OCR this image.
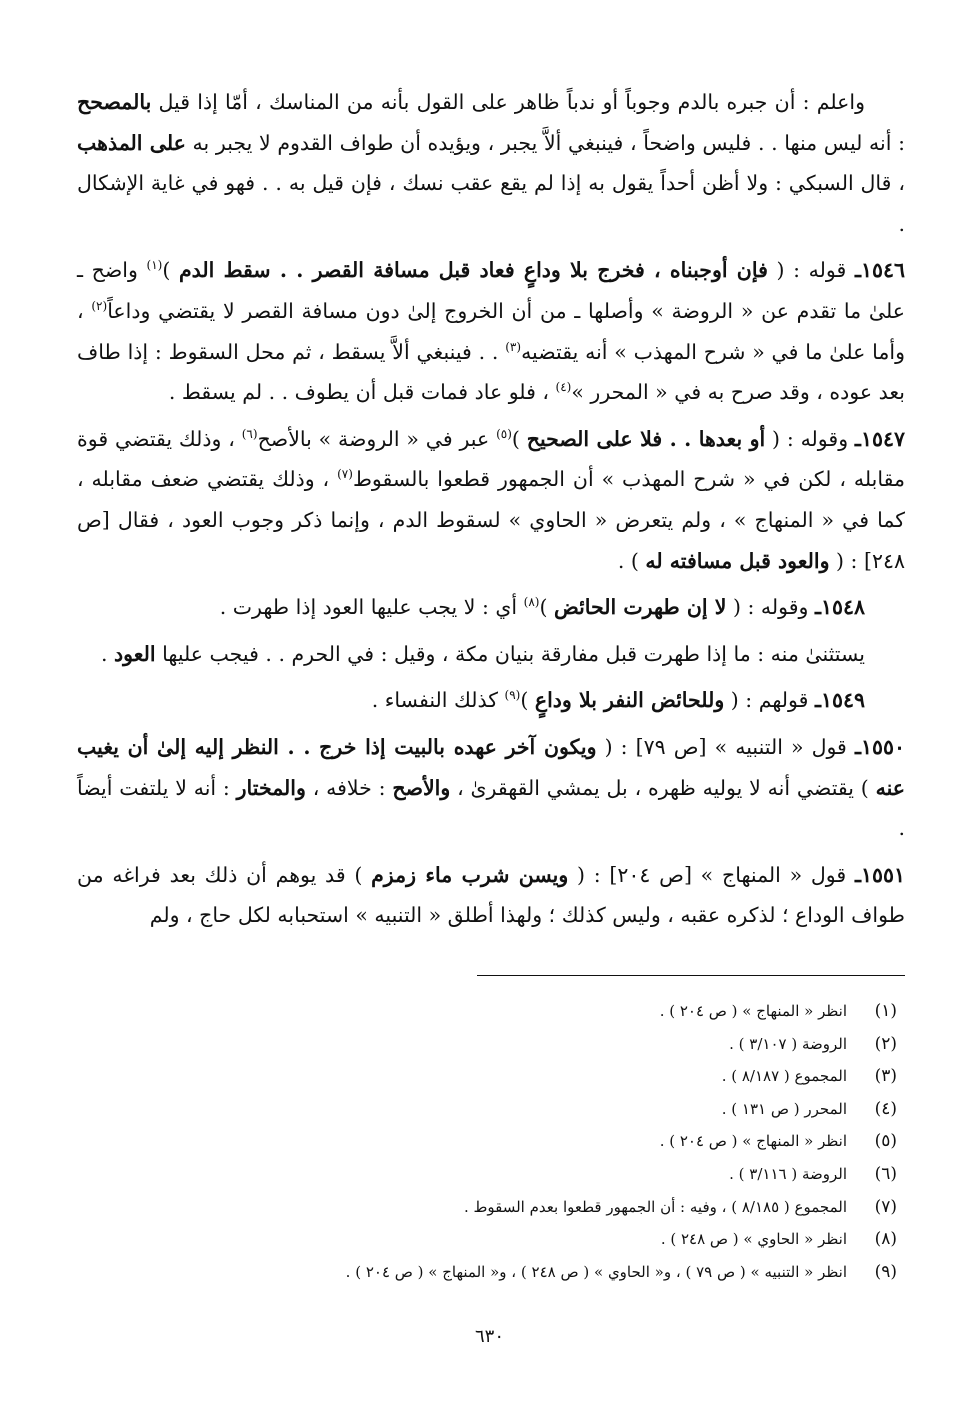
واعلم : أن جبره بالدم وجوباً أو ندباً ظاهر على القول بأنه من المناسك ، أمّا إذا قيل بالمصحح : أنه ليس منها . . فليس واضحاً ، فينبغي ألاَّ يجبر ، ويؤيده أن طواف القدوم لا يجبر به على المذهب ، قال السبكي : ولا أظن أحداً يقول به إذا لم يقع عقب نسك ، فإن قيل به . . فهو في غاية الإشكال .

١٥٤٦ـ قوله : ( فإن أوجبناه ، فخرج بلا وداعٍ فعاد قبل مسافة القصر . . سقط الدم )$^{(١)}$ واضح ـ علىٰ ما تقدم عن « الروضة » وأصلها ـ من أن الخروج إلىٰ دون مسافة القصر لا يقتضي وداعاً$^{(٢)}$ ، وأما علىٰ ما في « شرح المهذب » أنه يقتضيه$^{(٣)}$ . . فينبغي ألاَّ يسقط ، ثم محل السقوط : إذا طاف بعد عوده ، وقد صرح به في « المحرر »$^{(٤)}$ ، فلو عاد فمات قبل أن يطوف . . لم يسقط .

١٥٤٧ـ وقوله : ( أو بعدها . . فلا على الصحيح )$^{(٥)}$ عبر في « الروضة » بالأصح$^{(٦)}$ ، وذلك يقتضي قوة مقابله ، لكن في « شرح المهذب » أن الجمهور قطعوا بالسقوط$^{(٧)}$ ، وذلك يقتضي ضعف مقابله ، كما في « المنهاج » ، ولم يتعرض « الحاوي » لسقوط الدم ، وإنما ذكر وجوب العود ، فقال [ص ٢٤٨] : ( والعود قبل مسافته له ) .

١٥٤٨ـ وقوله : ( لا إن طهرت الحائض )$^{(٨)}$ أي : لا يجب عليها العود إذا طهرت .

يستثنىٰ منه : ما إذا طهرت قبل مفارقة بنيان مكة ، وقيل : في الحرم . . فيجب عليها العود .

١٥٤٩ـ قولهم : ( وللحائض النفر بلا وداعٍ )$^{(٩)}$ كذلك النفساء .

١٥٥٠ـ قول « التنبيه » [ص ٧٩] : ( ويكون آخر عهده بالبيت إذا خرج . . النظر إليه إلىٰ أن يغيب عنه ) يقتضي أنه لا يوليه ظهره ، بل يمشي القهقرىٰ ، والأصح : خلافه ، والمختار : أنه لا يلتفت أيضاً .

١٥٥١ـ قول « المنهاج » [ص ٢٠٤] : ( ويسن شرب ماء زمزم ) قد يوهم أن ذلك بعد فراغه من طواف الوداع ؛ لذكره عقبه ، وليس كذلك ؛ ولهذا أطلق « التنبيه » استحبابه لكل حاج ، ولم

(١)
انظر « المنهاج » ( ص ٢٠٤ ) .
(٢)
الروضة ( ٣/١٠٧ ) .
(٣)
المجموع ( ٨/١٨٧ ) .
(٤)
المحرر ( ص ١٣١ ) .
(٥)
انظر « المنهاج » ( ص ٢٠٤ ) .
(٦)
الروضة ( ٣/١١٦ ) .
(٧)
المجموع ( ٨/١٨٥ ) ، وفيه : أن الجمهور قطعوا بعدم السقوط .
(٨)
انظر « الحاوي » ( ص ٢٤٨ ) .
(٩)
انظر « التنبيه » ( ص ٧٩ ) ، و« الحاوي » ( ص ٢٤٨ ) ، و« المنهاج » ( ص ٢٠٤ ) .
٦٣٠
